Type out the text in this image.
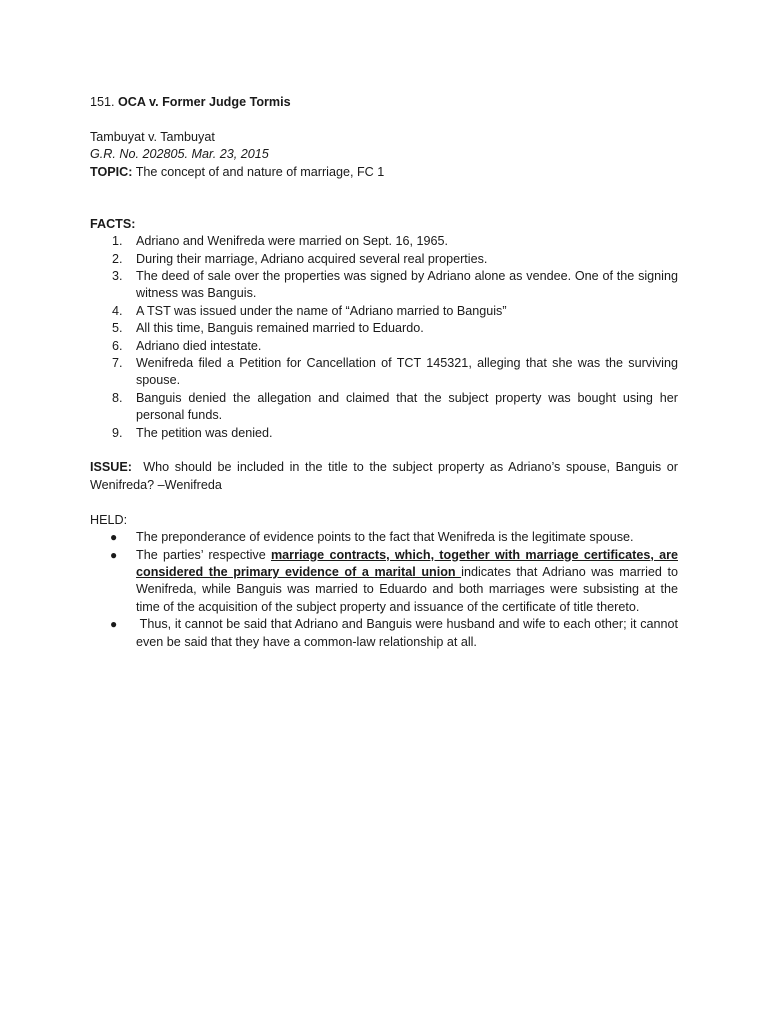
151. OCA v. Former Judge Tormis

Tambuyat v. Tambuyat

G.R. No. 202805. Mar. 23, 2015

TOPIC: The concept of and nature of marriage, FC 1

FACTS:

Adriano and Wenifreda were married on Sept. 16, 1965.
During their marriage, Adriano acquired several real properties.
The deed of sale over the properties was signed by Adriano alone as vendee. One of the signing witness was Banguis.
A TST was issued under the name of “Adriano married to Banguis”
All this time, Banguis remained married to Eduardo.
Adriano died intestate.
Wenifreda filed a Petition for Cancellation of TCT 145321, alleging that she was the surviving spouse.
Banguis denied the allegation and claimed that the subject property was bought using her personal funds.
The petition was denied.

ISSUE:  Who should be included in the title to the subject property as Adriano’s spouse, Banguis or Wenifreda? –Wenifreda

HELD:

● The preponderance of evidence points to the fact that Wenifreda is the legitimate spouse.
● The parties’ respective marriage contracts, which, together with marriage certificates, are considered the primary evidence of a marital union indicates that Adriano was married to Wenifreda, while Banguis was married to Eduardo and both marriages were subsisting at the time of the acquisition of the subject property and issuance of the certificate of title thereto.
● Thus, it cannot be said that Adriano and Banguis were husband and wife to each other; it cannot even be said that they have a common-law relationship at all.
